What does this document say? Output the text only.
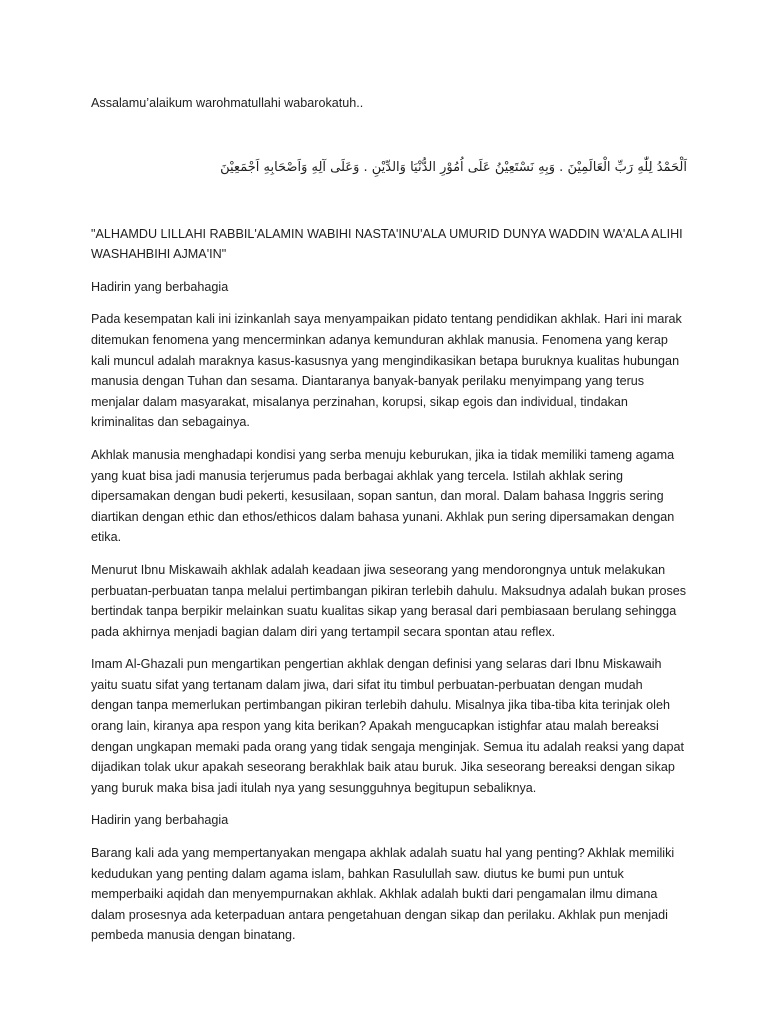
Assalamu’alaikum warohmatullahi wabarokatuh..

اَلْحَمْدُ لِلّٰهِ رَبِّ الْعَالَمِيْنَ . وَبِهِ نَسْتَعِيْنُ عَلَى اُمُوْرِ الدُّنْيَا وَالدِّيْنِ . وَعَلَى آلِهِ وَاَصْحَابِهِ اَجْمَعِيْنَ

"ALHAMDU LILLAHI RABBIL'ALAMIN WABIHI NASTA'INU'ALA UMURID DUNYA WADDIN WA'ALA ALIHI WASHAHBIHI AJMA'IN"

Hadirin yang berbahagia

Pada kesempatan kali ini izinkanlah saya menyampaikan pidato tentang pendidikan akhlak. Hari ini marak ditemukan fenomena yang mencerminkan adanya kemunduran akhlak manusia. Fenomena yang kerap kali muncul adalah maraknya kasus-kasusnya yang mengindikasikan betapa buruknya kualitas hubungan manusia dengan Tuhan dan sesama. Diantaranya banyak-banyak perilaku menyimpang yang terus menjalar dalam masyarakat, misalanya perzinahan, korupsi, sikap egois dan individual, tindakan kriminalitas dan sebagainya.

Akhlak manusia menghadapi kondisi yang serba menuju keburukan, jika ia tidak memiliki tameng agama yang kuat bisa jadi manusia terjerumus pada berbagai akhlak yang tercela. Istilah akhlak sering dipersamakan dengan budi pekerti, kesusilaan, sopan santun, dan moral. Dalam bahasa Inggris sering diartikan dengan ethic dan ethos/ethicos dalam bahasa yunani. Akhlak pun sering dipersamakan dengan etika.

Menurut Ibnu Miskawaih akhlak adalah keadaan jiwa seseorang yang mendorongnya untuk melakukan perbuatan-perbuatan tanpa melalui pertimbangan pikiran terlebih dahulu. Maksudnya adalah bukan proses bertindak tanpa berpikir melainkan suatu kualitas sikap yang berasal dari pembiasaan berulang sehingga pada akhirnya menjadi bagian dalam diri yang tertampil secara spontan atau reflex.

Imam Al-Ghazali pun mengartikan pengertian akhlak dengan definisi yang selaras dari Ibnu Miskawaih yaitu suatu sifat yang tertanam dalam jiwa, dari sifat itu timbul perbuatan-perbuatan dengan mudah dengan tanpa memerlukan pertimbangan pikiran terlebih dahulu. Misalnya jika tiba-tiba kita terinjak oleh orang lain, kiranya apa respon yang kita berikan? Apakah mengucapkan istighfar atau malah bereaksi dengan ungkapan memaki pada orang yang tidak sengaja menginjak. Semua itu adalah reaksi yang dapat dijadikan tolak ukur apakah seseorang berakhlak baik atau buruk. Jika seseorang bereaksi dengan sikap yang buruk maka bisa jadi itulah nya yang sesungguhnya begitupun sebaliknya.

Hadirin yang berbahagia

Barang kali ada yang mempertanyakan mengapa akhlak adalah suatu hal yang penting? Akhlak memiliki kedudukan yang penting dalam agama islam, bahkan Rasulullah saw. diutus ke bumi pun untuk memperbaiki aqidah dan menyempurnakan akhlak. Akhlak adalah bukti dari pengamalan ilmu dimana dalam prosesnya ada keterpaduan antara pengetahuan dengan sikap dan perilaku. Akhlak pun menjadi pembeda manusia dengan binatang.
